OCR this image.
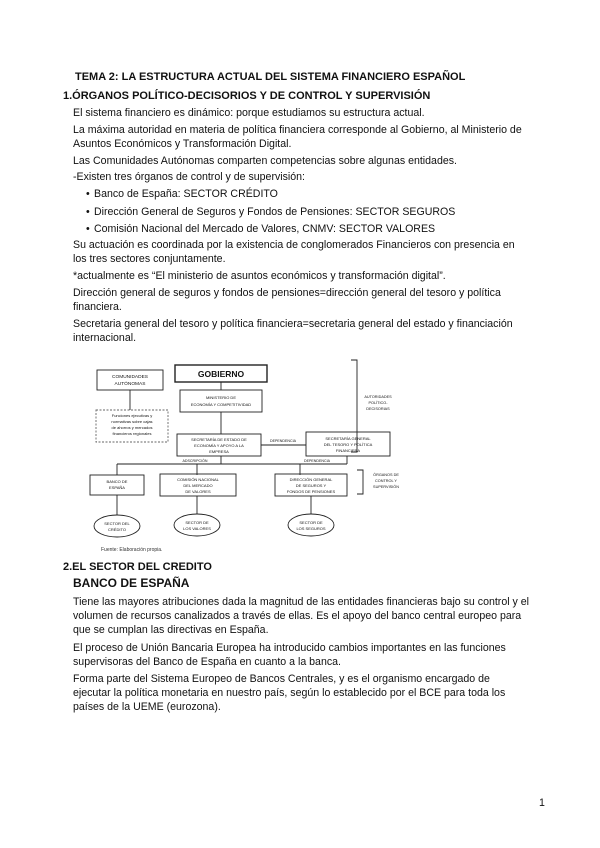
TEMA 2: LA ESTRUCTURA ACTUAL DEL SISTEMA FINANCIERO ESPAÑOL
1.ÓRGANOS POLÍTICO-DECISORIOS Y DE CONTROL Y SUPERVISIÓN
El sistema financiero es dinámico: porque estudiamos su estructura actual.
La máxima autoridad en materia de política financiera corresponde al Gobierno, al Ministerio de
Asuntos Económicos y Transformación Digital.
Las Comunidades Autónomas comparten competencias sobre algunas entidades.
-Existen tres órganos de control y de supervisión:
• Banco de España: SECTOR CRÉDITO
• Dirección General de Seguros y Fondos de Pensiones: SECTOR SEGUROS
• Comisión Nacional del Mercado de Valores, CNMV: SECTOR VALORES
Su actuación es coordinada por la existencia de conglomerados Financieros con presencia en
los tres sectores conjuntamente.
*actualmente es “El ministerio de asuntos económicos y transformación digital”.
Dirección general de seguros y fondos de pensiones=dirección general del tesoro y política
financiera.
Secretaria general del tesoro y política financiera=secretaria general del estado y financiación
internacional.
COMUNIDADES
AUTÓNOMAS
Funciones ejecutivas y
normativas sobre cajas
de ahorros y mercados
financieros regionales
GOBIERNO
MINISTERIO DE
ECONOMÍA Y COMPETITIVIDAD
SECRETARÍA DE ESTADO DE
ECONOMÍA Y APOYO A LA
EMPRESA
DEPENDENCIA	SECRETARÍA GENERAL
DEL TESORO Y POLÍTICA
FINANCIERA
AUTORIDADES
POLÍTICO-
DECISORIAS
ADSCRIPCIÓN	DEPENDENCIA
BANCO DE
ESPAÑA
COMISIÓN NACIONAL
DEL MERCADO
DE VALORES
DIRECCIÓN GENERAL
DE SEGUROS Y
FONDOS DE PENSIONES
ÓRGANOS DE
CONTROL Y
SUPERVISIÓN
SECTOR DEL
CRÉDITO
SECTOR DE
LOS VALORES
SECTOR DE
LOS SEGUROS
Fuente: Elaboración propia.
2.EL SECTOR DEL CREDITO
BANCO DE ESPAÑA
Tiene las mayores atribuciones dada la magnitud de las entidades financieras bajo su control y el
volumen de recursos canalizados a través de ellas. Es el apoyo del banco central europeo para
que se cumplan las directivas en España.
El proceso de Unión Bancaria Europea ha introducido cambios importantes en las funciones
supervisoras del Banco de España en cuanto a la banca.
Forma parte del Sistema Europeo de Bancos Centrales, y es el organismo encargado de
ejecutar la política monetaria en nuestro país, según lo establecido por el BCE para toda los
países de la UEME (eurozona).
1
